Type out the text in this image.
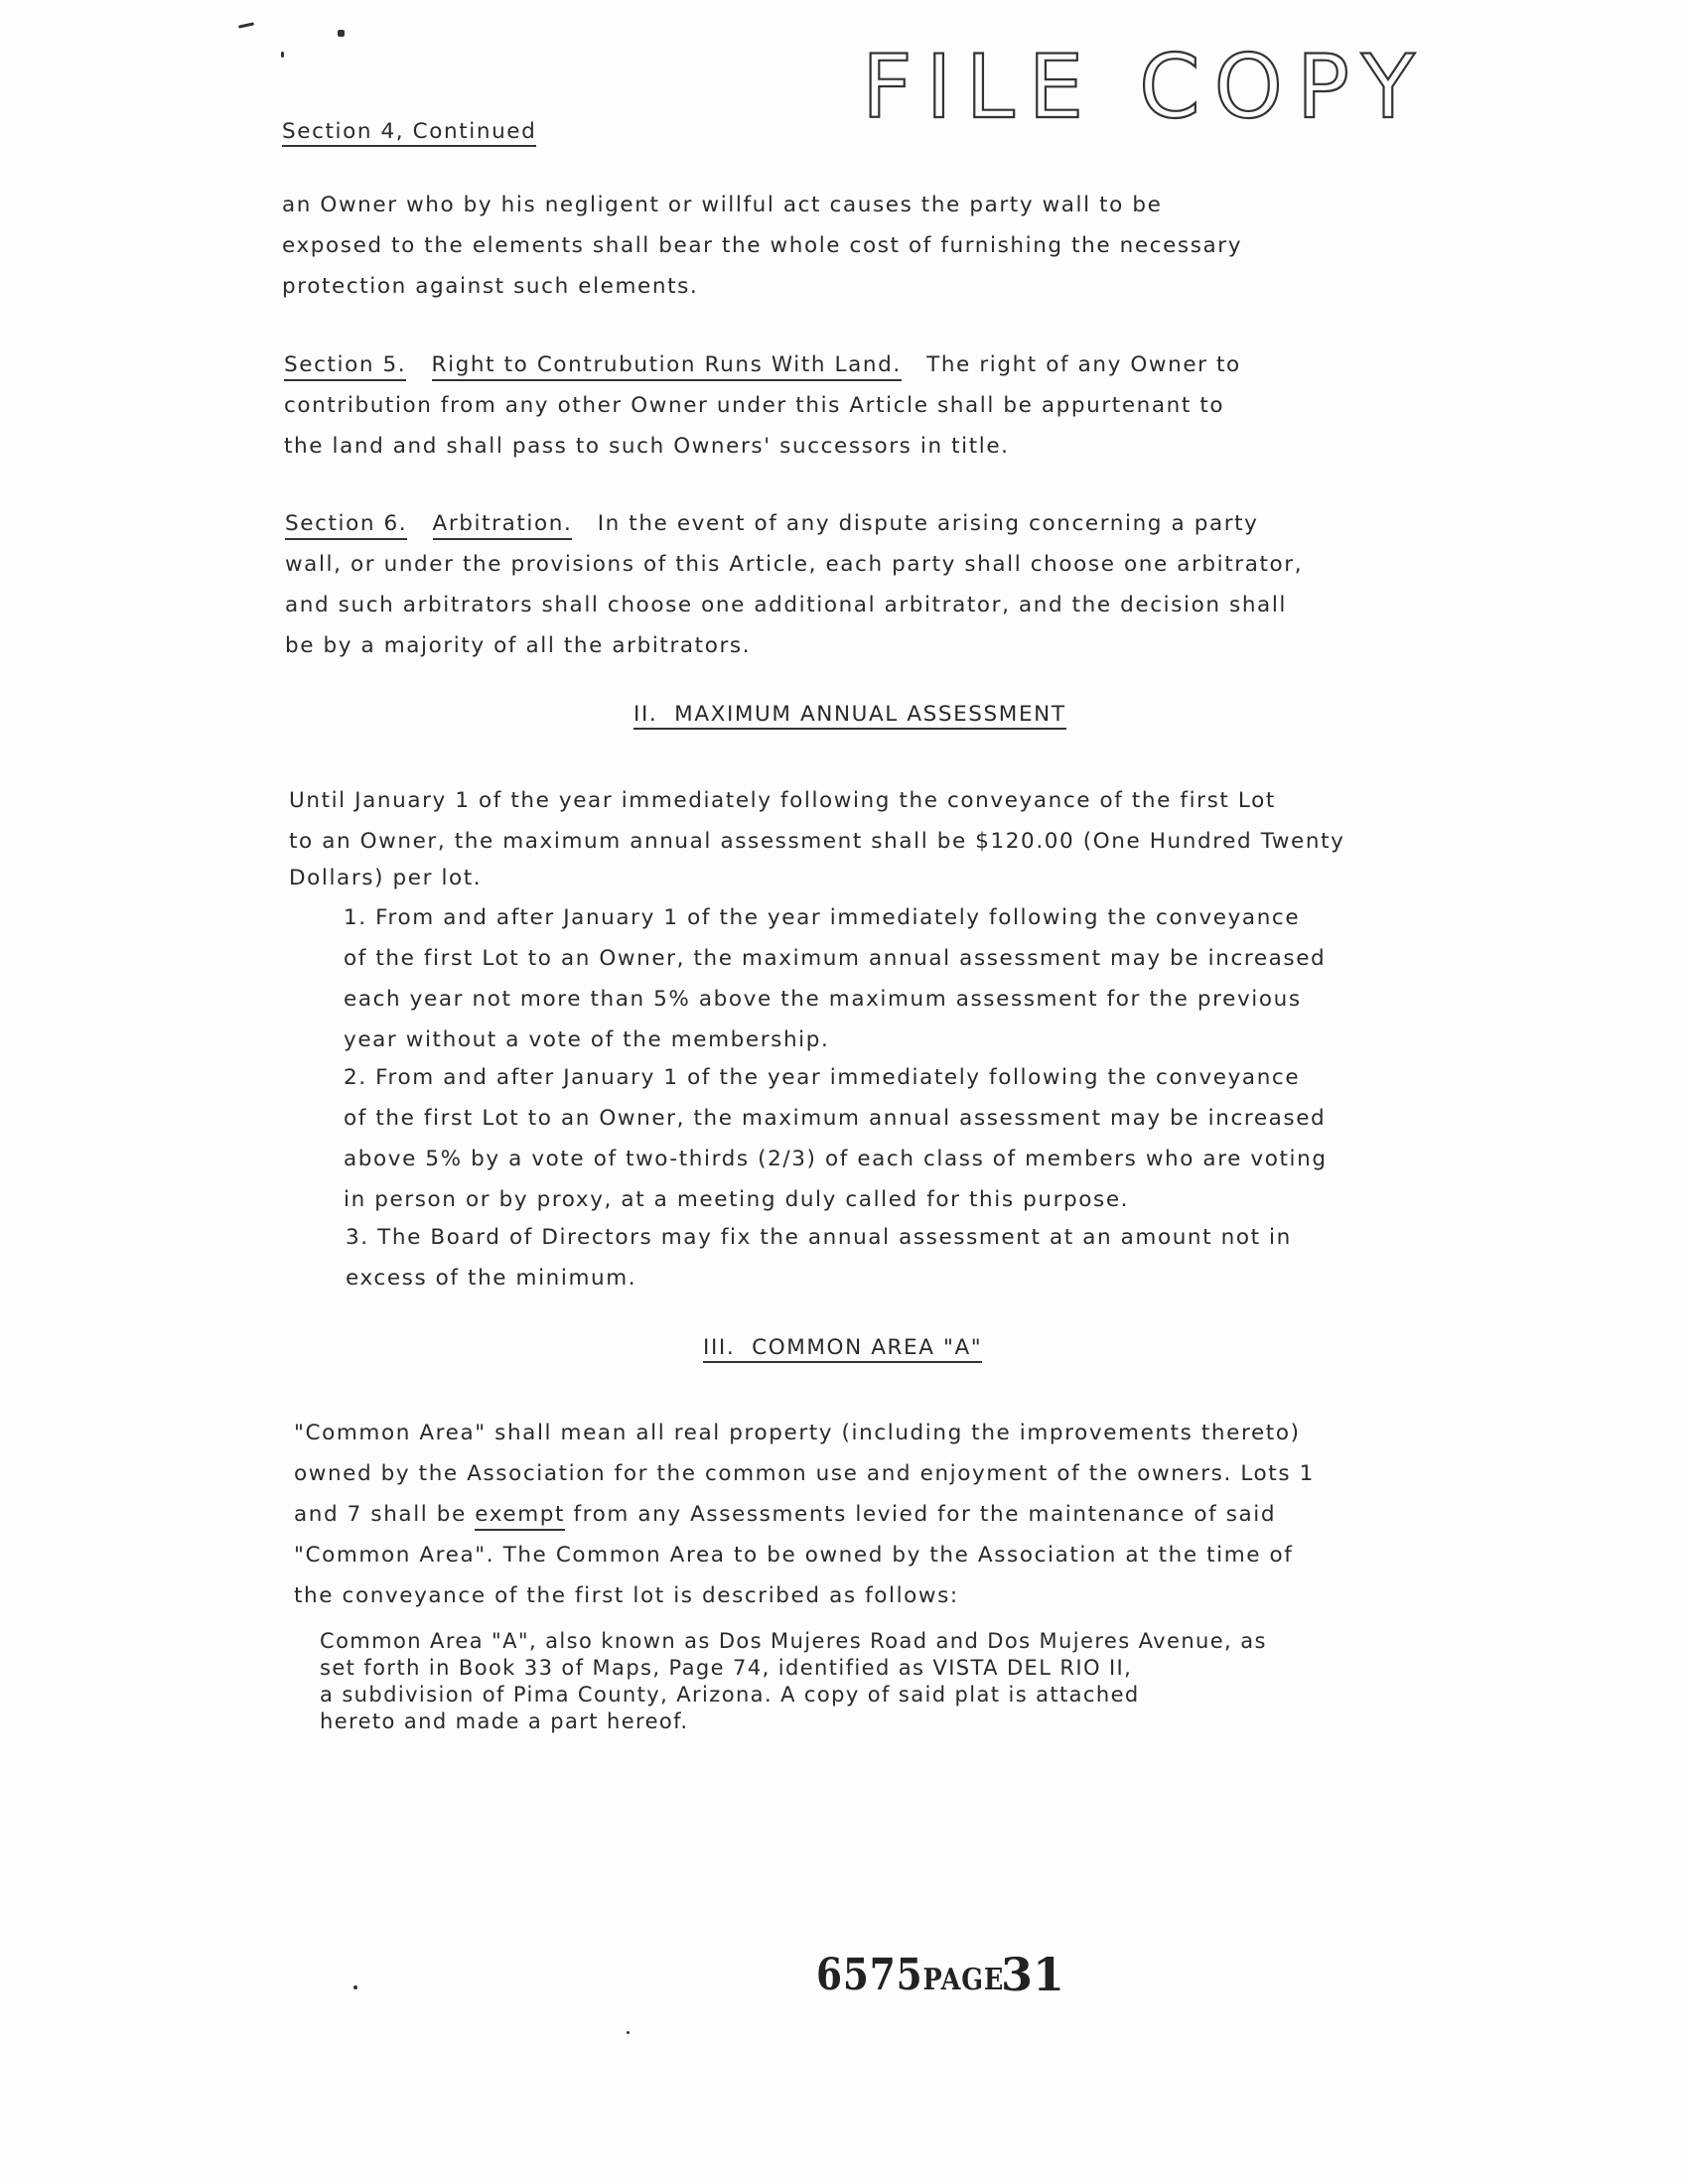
FILE COPY
Section 4, Continued
an Owner who by his negligent or willful act causes the party wall to be
exposed to the elements shall bear the whole cost of furnishing the necessary
protection against such elements.
Section 5. Right to Contrubution Runs With Land. The right of any Owner to
contribution from any other Owner under this Article shall be appurtenant to
the land and shall pass to such Owners' successors in title.
Section 6. Arbitration. In the event of any dispute arising concerning a party
wall, or under the provisions of this Article, each party shall choose one arbitrator,
and such arbitrators shall choose one additional arbitrator, and the decision shall
be by a majority of all the arbitrators.
II.  MAXIMUM ANNUAL ASSESSMENT
Until January 1 of the year immediately following the conveyance of the first Lot
to an Owner, the maximum annual assessment shall be $120.00 (One Hundred Twenty
Dollars) per lot.
1. From and after January 1 of the year immediately following the conveyance
of the first Lot to an Owner, the maximum annual assessment may be increased
each year not more than 5% above the maximum assessment for the previous
year without a vote of the membership.
2. From and after January 1 of the year immediately following the conveyance
of the first Lot to an Owner, the maximum annual assessment may be increased
above 5% by a vote of two-thirds (2/3) of each class of members who are voting
in person or by proxy, at a meeting duly called for this purpose.
3. The Board of Directors may fix the annual assessment at an amount not in
excess of the minimum.
III.  COMMON AREA "A"
"Common Area" shall mean all real property (including the improvements thereto)
owned by the Association for the common use and enjoyment of the owners. Lots 1
and 7 shall be exempt from any Assessments levied for the maintenance of said
"Common Area". The Common Area to be owned by the Association at the time of
the conveyance of the first lot is described as follows:
Common Area "A", also known as Dos Mujeres Road and Dos Mujeres Avenue, as
set forth in Book 33 of Maps, Page 74, identified as VISTA DEL RIO II,
a subdivision of Pima County, Arizona. A copy of said plat is attached
hereto and made a part hereof.
6575PAGE
31
